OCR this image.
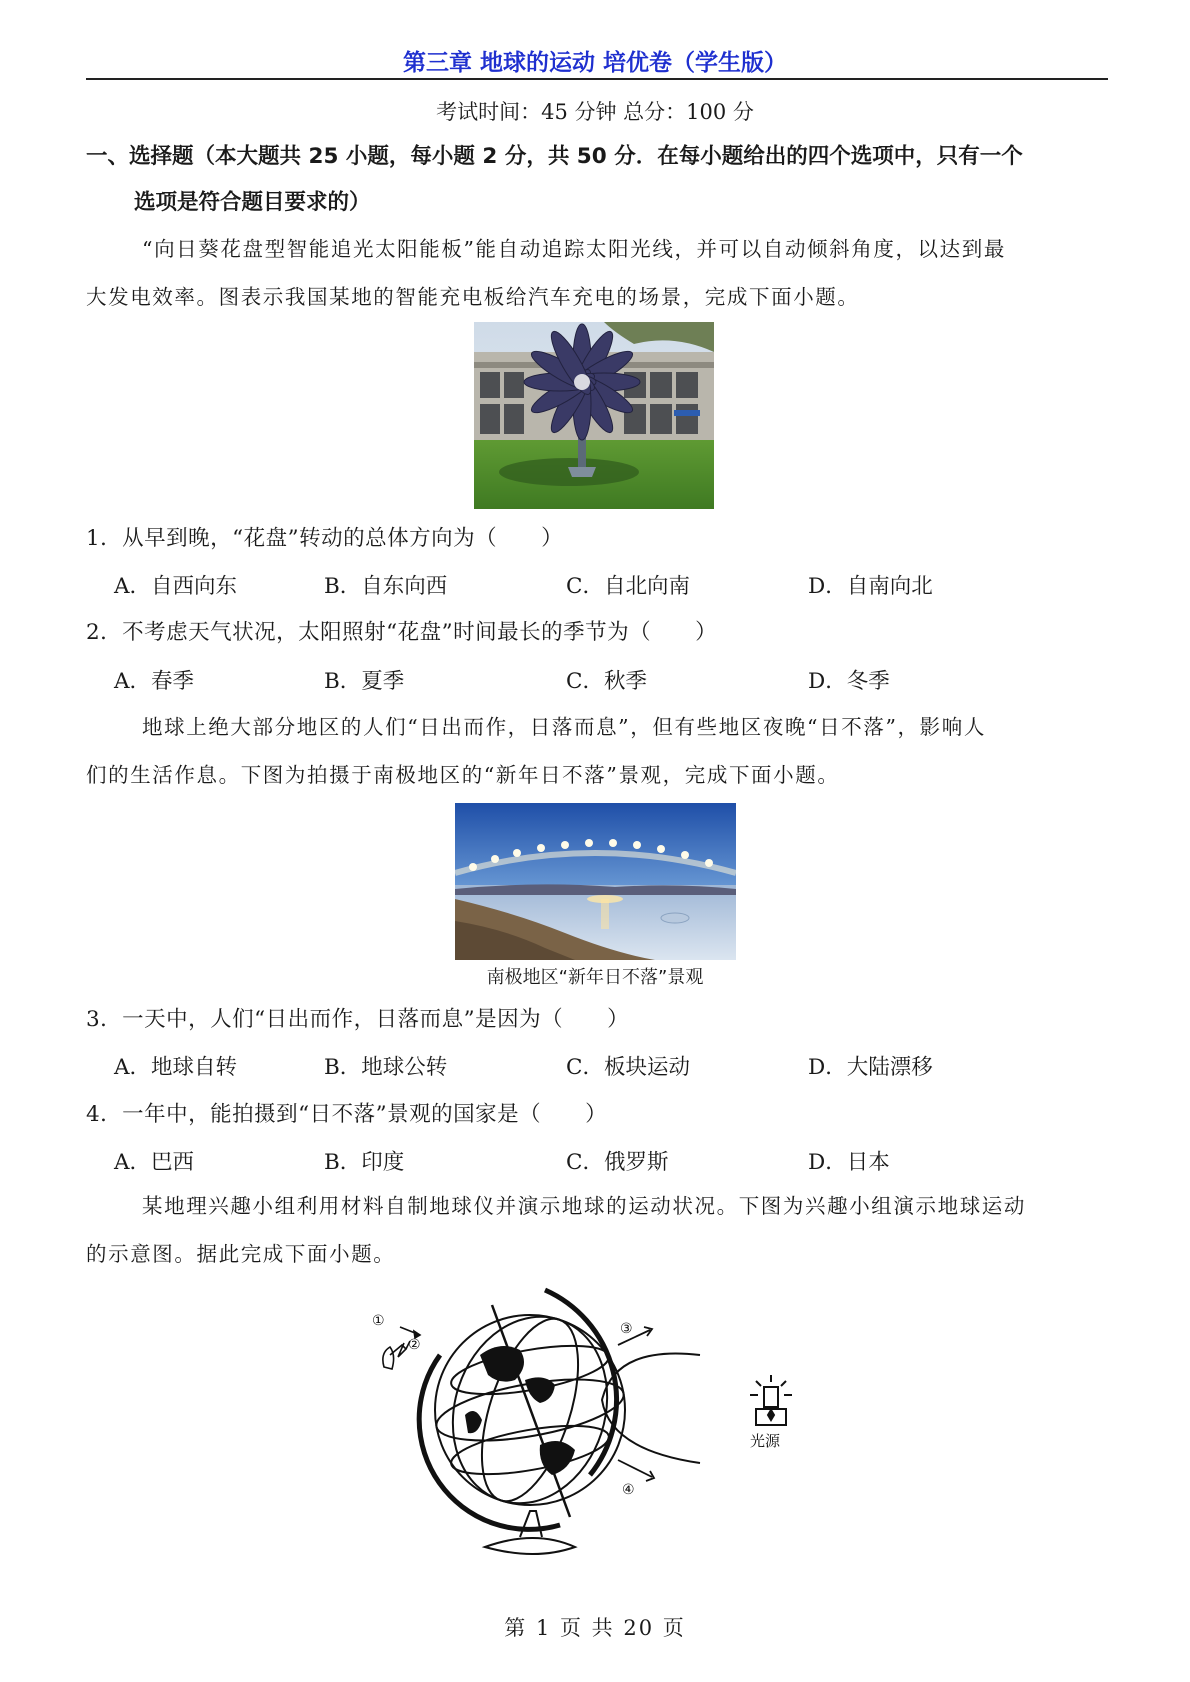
第三章 地球的运动 培优卷（学生版）
考试时间：45 分钟 总分：100 分
一、选择题（本大题共 25 小题，每小题 2 分，共 50 分．在每小题给出的四个选项中，只有一个
选项是符合题目要求的）
“向日葵花盘型智能追光太阳能板”能自动追踪太阳光线，并可以自动倾斜角度，以达到最
大发电效率。图表示我国某地的智能充电板给汽车充电的场景，完成下面小题。
1．从早到晚，“花盘”转动的总体方向为（　　）
A．自西向东	B．自东向西	C．自北向南	D．自南向北
2．不考虑天气状况，太阳照射“花盘”时间最长的季节为（　　）
A．春季	B．夏季	C．秋季	D．冬季
地球上绝大部分地区的人们“日出而作，日落而息”，但有些地区夜晚“日不落”，影响人
们的生活作息。下图为拍摄于南极地区的“新年日不落”景观，完成下面小题。
南极地区“新年日不落”景观
3．一天中，人们“日出而作，日落而息”是因为（　　）
A．地球自转	B．地球公转	C．板块运动	D．大陆漂移
4．一年中，能拍摄到“日不落”景观的国家是（　　）
A．巴西	B．印度	C．俄罗斯	D．日本
某地理兴趣小组利用材料自制地球仪并演示地球的运动状况。下图为兴趣小组演示地球运动
的示意图。据此完成下面小题。
①
②
③
④
光源
第 1 页 共 20 页
